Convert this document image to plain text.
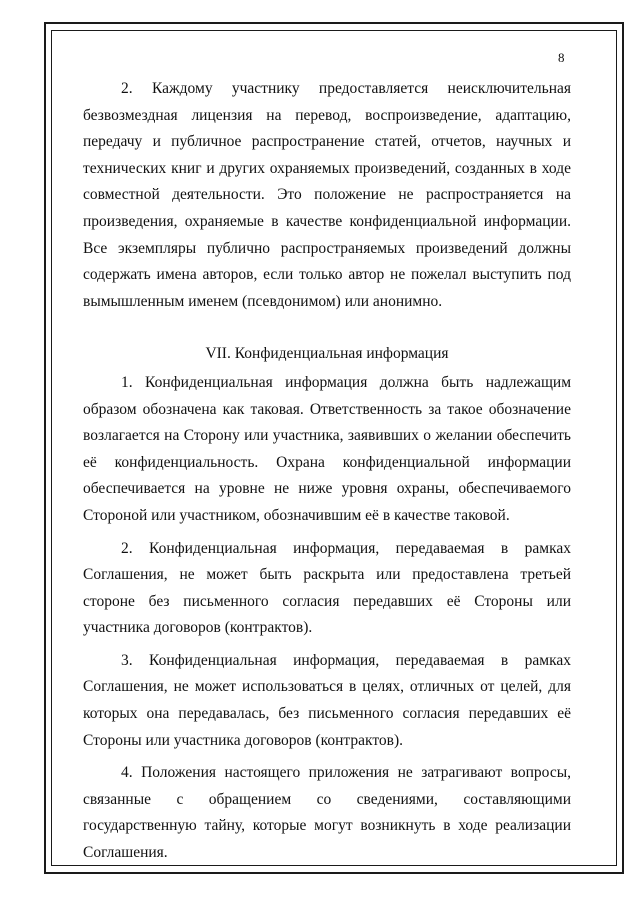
8

2. Каждому участнику предоставляется неисключительная безвозмездная лицензия на перевод, воспроизведение, адаптацию, передачу и публичное распространение статей, отчетов, научных и технических книг и других охраняемых произведений, созданных в ходе совместной деятельности. Это положение не распространяется на произведения, охраняемые в качестве конфиденциальной информации. Все экземпляры публично распространяемых произведений должны содержать имена авторов, если только автор не пожелал выступить под вымышленным именем (псевдонимом) или анонимно.

VII. Конфиденциальная информация

1. Конфиденциальная информация должна быть надлежащим образом обозначена как таковая. Ответственность за такое обозначение возлагается на Сторону или участника, заявивших о желании обеспечить её конфиденциальность. Охрана конфиденциальной информации обеспечивается на уровне не ниже уровня охраны, обеспечиваемого Стороной или участником, обозначившим её в качестве таковой.

2. Конфиденциальная информация, передаваемая в рамках Соглашения, не может быть раскрыта или предоставлена третьей стороне без письменного согласия передавших её Стороны или участника договоров (контрактов).

3. Конфиденциальная информация, передаваемая в рамках Соглашения, не может использоваться в целях, отличных от целей, для которых она передавалась, без письменного согласия передавших её Стороны или участника договоров (контрактов).

4. Положения настоящего приложения не затрагивают вопросы, связанные с обращением со сведениями, составляющими государственную тайну, которые могут возникнуть в ходе реализации Соглашения.
